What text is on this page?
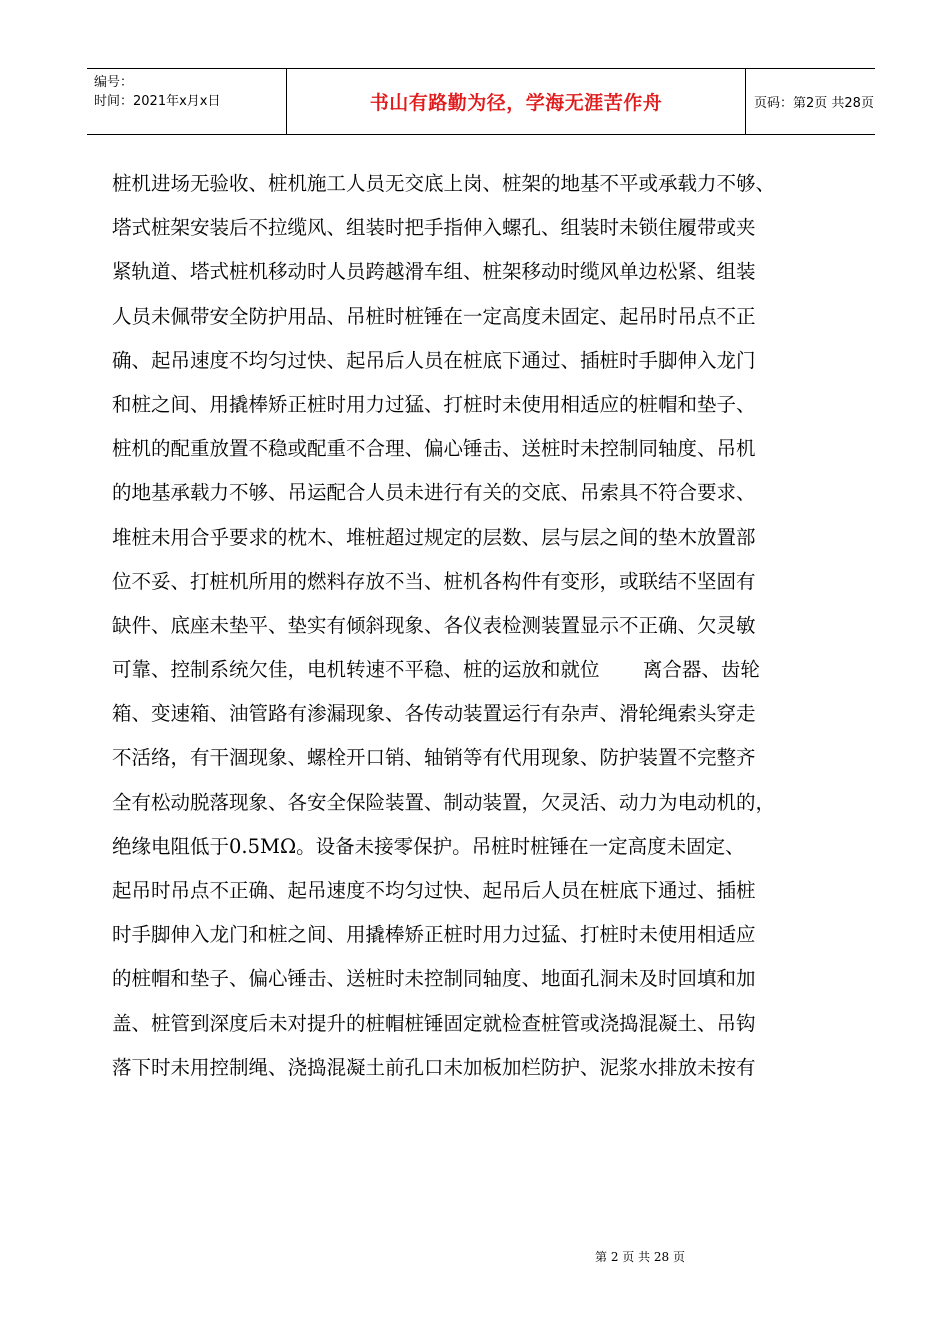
编号：
时间：2021年x月x日	书山有路勤为径，学海无涯苦作舟	页码：第2页 共28页
桩机进场无验收、桩机施工人员无交底上岗、桩架的地基不平或承载力不够、
塔式桩架安装后不拉缆风、组装时把手指伸入螺孔、组装时未锁住履带或夹
紧轨道、塔式桩机移动时人员跨越滑车组、桩架移动时缆风单边松紧、组装
人员未佩带安全防护用品、吊桩时桩锤在一定高度未固定、起吊时吊点不正
确、起吊速度不均匀过快、起吊后人员在桩底下通过、插桩时手脚伸入龙门
和桩之间、用撬棒矫正桩时用力过猛、打桩时未使用相适应的桩帽和垫子、
桩机的配重放置不稳或配重不合理、偏心锤击、送桩时未控制同轴度、吊机
的地基承载力不够、吊运配合人员未进行有关的交底、吊索具不符合要求、
堆桩未用合乎要求的枕木、堆桩超过规定的层数、层与层之间的垫木放置部
位不妥、打桩机所用的燃料存放不当、桩机各构件有变形，或联结不坚固有
缺件、底座未垫平、垫实有倾斜现象、各仪表检测装置显示不正确、欠灵敏
可靠、控制系统欠佳，电机转速不平稳、桩的运放和就位       离合器、齿轮
箱、变速箱、油管路有渗漏现象、各传动装置运行有杂声、滑轮绳索头穿走
不活络，有干涸现象、螺栓开口销、轴销等有代用现象、防护装置不完整齐
全有松动脱落现象、各安全保险装置、制动装置，欠灵活、动力为电动机的，
绝缘电阻低于0.5MΩ。设备未接零保护。吊桩时桩锤在一定高度未固定、
起吊时吊点不正确、起吊速度不均匀过快、起吊后人员在桩底下通过、插桩
时手脚伸入龙门和桩之间、用撬棒矫正桩时用力过猛、打桩时未使用相适应
的桩帽和垫子、偏心锤击、送桩时未控制同轴度、地面孔洞未及时回填和加
盖、桩管到深度后未对提升的桩帽桩锤固定就检查桩管或浇捣混凝土、吊钩
落下时未用控制绳、浇捣混凝土前孔口未加板加栏防护、泥浆水排放未按有
第 2 页 共 28 页
